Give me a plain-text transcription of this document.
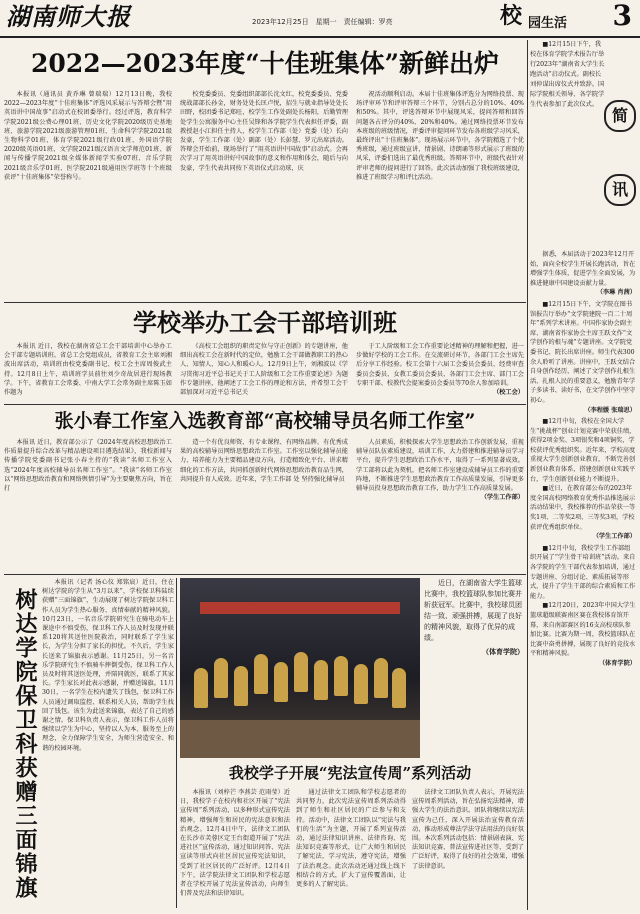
湖南师大报	2023年12月25日　星期一　责任编辑：罗亮	校 园生活 3
2022—2023年度“十佳班集体”新鲜出炉

本报讯（通讯员 黄乔琳 曾瑞瑞）12月13日晚，我校2022—2023年度“十佳班集体”评选风采展示与答辩会暨“用英语讲中国故事”启动式在校团委举行。经过评选，教育科学学院2021级公费心理01班、历史文化学院2020级历史基地班、旅游学院2021级旅游管理01班、生命科学学院2021级生物科学01班、体育学院2021级行政01班、外国语学院2020级英语01班、文学院2021级汉语言文学师范01班、新闻与传播学院2021级全媒体新闻学实验07班、音乐学院2021级音乐学01班、医学院2021级通用医学班等十个班级获评“十佳班集体”荣誉称号。

校党委委员、党委组织部部长沈文红，校党委委员、党委统战部部长孙金，财务处处长匡卢悦，招生与就业指导处处长田野，校团委书记郑旺，校学生工作处副处长杨阳，后勤管理处学生公寓服务中心主任吴锋和各学院学生代表担任评委，副教授赵小江担任主持人，校学生工作部（处）党委（处）长向发豪，学生工作部（处）副部（处）长彭慧、罗元出席活动。答辩会开始前，现场举行了“用英语讲中国故事”启动式。会再次学习了用英语讲好中国故事的意义和作用和体会，随后与向发豪，学生代表共同按下英语仪式启动球，庆

祝活动顺利启动。本届十佳班集体评选分为网络投票、现场评审环节和评审答辩三个环节，分别占总分的10%、40%和50%。其中，评选答辩环节中展现风采，提问答辩和回答问题各占评分的40%、20%和40%。通过网络投票环节发布本班级的班级情况，评委评审提问环节发布各班级学习风采，最终评出“十佳班集体”。现场展示环节中，各学院精选了个优秀班级，通过班级宣讲、情景剧、诗朗诵等形式展示了班级的风采，评委们选出了最优秀班级。答辩环节中，班级代表针对评审老师的提问进行了回答。此次活动加强了我校班级建设，推进了班级学习和评比活动。

学校举办工会干部培训班

本报讯 近日，我校在湖南省总工会干部培训中心举办工会干部专题培训班。省总工会党组成员，省教育工会主席刘湘波出席活动，培训班由校党委副书记、校工会主席周俊武主持。12月8日上午，培训班学员前往刘少奇故居进行现场教学。下午，省教育工会常委、中南大学工会常务副主席陈玉如作题为

《高校工会组织的职责定位与守正创新》的专题讲座，他细出高校工会在新时代的定位，勉励工会干部做教职工的热心人、知情人、知心人和暖心人。12月9日上午，刘湘波以《学习贯彻习近平总书记关于工人阶级和工会工作重要论述》为题作专题讲座，他阐述了工会工作的理论和方法，并希望工会干部加深对习近平总书记关

于工人阶级和工会工作重要论述精神的理解和把握，进一步做好学校的工会工作。在交流研讨环节，各部门工会主席先后分享工作经验。校工会第十六届工会委员会委员、经费审查委员会委员、女教工委员会委员、各部门工会主席、部门工会专职干部、校教代会提案委员会委员等70余人参加培训。

（校工会）

张小春工作室入选教育部“高校辅导员名师工作室”

本报讯 近日，教育部公示了《2024年度高校思想政治工作质量提升综合改革与精品建设项目遴选结果》，我校新闻与传播学院党委副书记张小春主持的“我读”名师工作室入选“2024年度高校辅导员名师工作室”。“我读”名师工作室以“网络思想政治教育和网络舆情引导”为主要聚焦方向，旨在打

造一个有优良师资、有专业课程、有网络品牌、有优秀成果的高校辅导员网络思想政治工作室。工作室以强化辅导员能力、培养能力为主要精品建设方向，打造精致化平台、讲求精细化的工作方法，共同抓创新时代网络思想政治教育品生网，共同提升育人成效。近年来，学生工作部 处 坚持强化辅导员

人员素质，积极探索大学生思想政治工作创新发展，重视辅导员队伍素质建设，培训工作，大力搭建和推进辅导员学习平台，提升学生思想政治工作水平，取得了一系列显著成效。学工部将以此为契机，把名师工作室建设成辅导员工作的重要阵地，不断推进学生思想政治教育工作高质量发展，引导更多辅导员投身思想政治教育工作，助力学生工作高质量发展。

（学生工作部）

树达学院保卫科获赠三面锦旗

本报讯（记者 汤心仪 郑铭宸）近日，住在树达学院的学生从“3月以来”，学校保卫科陆续获赠“三面锦旗”，生动展现了树达学院保卫科工作人员为学生热心服务、真情奉献的精神风貌。10月23日，一名音乐学院研究生在骑电动车上课途中不慎受伤，保卫科工作人员及时发现并联系120将其送往医院救治，同时联系了学生家长，为学生分担了家长的担忧。不久后，学生家长送来了锦旗表示感谢。11月25日，另一名音乐学院研究生不慎骑车摔倒受伤，保卫科工作人员及时将其送医处理，并陪同就医，联系了其家长。学生家长对此表示感谢，并赠送锦旗。11月30日，一名学生在校内遗失了钱包，保卫科工作人员通过调取监控、联系相关人员，帮助学生找回了钱包。该生为此送来锦旗，表达了自己的感谢之情。保卫科负责人表示，保卫科工作人员将继续以学生为中心，坚持以人为本、服务至上的理念，全力保障学生安全，为师生营造安全、和谐的校园环境。

近日，在湖南省大学生篮球比赛中，我校篮球队参加比赛并斩获冠军。比赛中，我校球员团结一致、顽强拼搏，展现了良好的精神风貌，取得了优异的成绩。

（体育学院）

我校学子开展“宪法宣传周”系列活动

本报讯（刘梓芒 李燕芸 范雨莹）近日，我校学子在校内和社区开展了“宪法宣传周”系列活动，以多种形式宣传宪法精神，增强师生和居民的宪法意识和法治观念。12月4日中午，法律文工团队在长沙市芙蓉区定王台街道开展了“宪法进社区”宣传活动，通过知识问答、宪法宣读等形式向社区居民宣传宪法知识，受到了社区居民的广泛好评。12月4日下午，法学院法律文工团队和学校志愿者在学校开展了宪法宣传活动，向师生们普及宪法和法律知识。

通过法律文工团队和学校志愿者的共同努力，此次宪法宣传周系列活动得到了师生和社区居民的广泛参与和支持。活动中，法律文工团队以“宪法与我们的生活”为主题，开展了系列宣传活动，通过法律知识讲座、法律咨询、宪法知识竞赛等形式，让广大师生和居民了解宪法，学习宪法，遵守宪法，增强了法治观念。此次活动还通过线上线下相结合的方式，扩大了宣传覆盖面，让更多的人了解宪法。

法律文工团队负责人表示，开展宪法宣传周系列活动，旨在弘扬宪法精神，增强大学生的法治意识。团队将继续以宪法宣传为己任，深入开展法治宣传教育活动，推动形成尊法学法守法用法的良好氛围。本次系列活动包括：情景剧表演、宪法知识竞赛、普法宣传进社区等，受到了广泛好评，取得了良好的社会效果，增强了法律意识。

■12月15日下午，我校在体育学院学术报告厅举行2023年“湖南省大学生长跑活动”启动仪式。副校长刘仲谋出席仪式并致辞。国际学院相关领导、各学院学生代表参加了此次仪式。

简
讯

据悉，本届活动于2023年12月开始，面向全校学生开展长跑活动，旨在增强学生体质，促进学生全面发展，为推进健康中国建设贡献力量。

（李琳 肖茜）

■12月15日下午，文学院在图书馆报告厅举办“文学院建院一百二十周年”系列学术讲座。中国作家协会副主席、湖南省作家协会主席王跃文作“文学创作的根与魂”专题讲座。文学院党委书记、院长出席讲座。师生代表300余人聆听了讲座。讲座中，王跃文结合自身创作经历，阐述了文学创作扎根生活、扎根人民的重要意义，勉励青年学子多读书、读好书，在文学创作中坚守初心。

（李程媛 张瑞思）

■12月中旬，我校在全国大学生“挑战杯”创业计划竞赛中荣获佳绩，获得2项金奖、3项银奖和4项铜奖，学校获评优秀组织奖。近年来，学校高度重视大学生创新创业教育，不断完善创新创业教育体系，搭建创新创业实践平台，学生创新创业能力不断提升。

■近日，在教育部公布的2023年度全国高校网络教育优秀作品推选展示活动结果中，我校推荐的作品荣获一等奖1项、二等奖2项、三等奖3项，学校获评优秀组织单位。

（学生工作部）

■12月中旬，我校学生工作部组织开展了“学生骨干培训班”活动。来自各学院的学生干部代表参加培训，通过专题讲座、分组讨论、素质拓展等形式，提升了学生干部的综合素质和工作能力。

■12月20日，2023年中国大学生篮球超级联赛南区赛在我校体育馆开幕，来自南部赛区的16支高校球队参加比赛。比赛为期一周，我校篮球队在比赛中奋勇拼搏，展现了良好的竞技水平和精神风貌。

（体育学院）
